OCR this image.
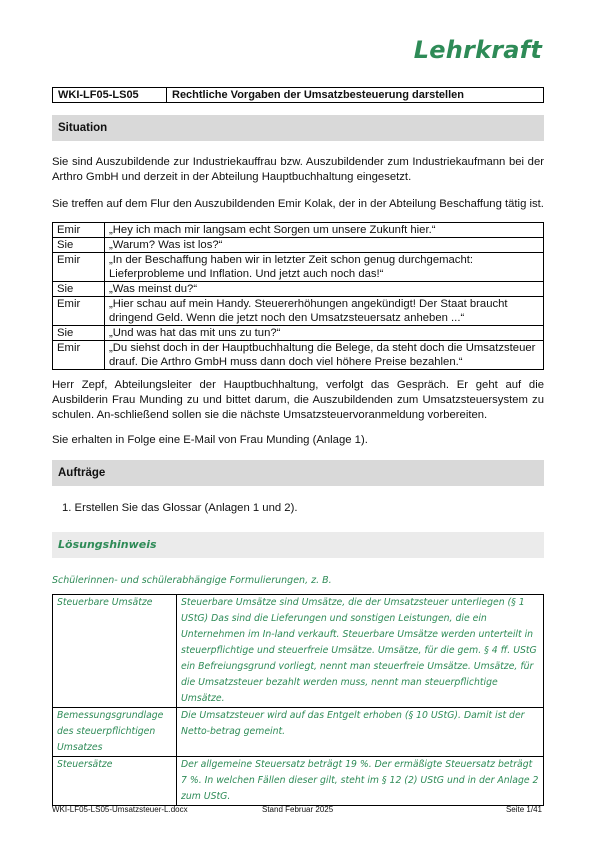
Lehrkraft
WKI-LF05-LS05	Rechtliche Vorgaben der Umsatzbesteuerung darstellen
Situation
Sie sind Auszubildende zur Industriekauffrau bzw. Auszubildender zum Industriekaufmann bei der Arthro GmbH und derzeit in der Abteilung Hauptbuchhaltung eingesetzt.
Sie treffen auf dem Flur den Auszubildenden Emir Kolak, der in der Abteilung Beschaffung tätig ist.
Emir	„Hey ich mach mir langsam echt Sorgen um unsere Zukunft hier.“
Sie	„Warum? Was ist los?“
Emir	„In der Beschaffung haben wir in letzter Zeit schon genug durchgemacht: Lieferprobleme und Inflation. Und jetzt auch noch das!“
Sie	„Was meinst du?“
Emir	„Hier schau auf mein Handy. Steuererhöhungen angekündigt! Der Staat braucht dringend Geld. Wenn die jetzt noch den Umsatzsteuersatz anheben ...“
Sie	„Und was hat das mit uns zu tun?“
Emir	„Du siehst doch in der Hauptbuchhaltung die Belege, da steht doch die Umsatzsteuer drauf. Die Arthro GmbH muss dann doch viel höhere Preise bezahlen.“
Herr Zepf, Abteilungsleiter der Hauptbuchhaltung, verfolgt das Gespräch. Er geht auf die Ausbilderin Frau Munding zu und bittet darum, die Auszubildenden zum Umsatzsteuersystem zu schulen. An-schließend sollen sie die nächste Umsatzsteuervoranmeldung vorbereiten.
Sie erhalten in Folge eine E-Mail von Frau Munding (Anlage 1).
Aufträge
1. Erstellen Sie das Glossar (Anlagen 1 und 2).
Lösungshinweis
Schülerinnen- und schülerabhängige Formulierungen, z. B.
Steuerbare Umsätze	Steuerbare Umsätze sind Umsätze, die der Umsatzsteuer unterliegen (§ 1 UStG) Das sind die Lieferungen und sonstigen Leistungen, die ein Unternehmen im In-land verkauft. Steuerbare Umsätze werden unterteilt in steuerpflichtige und steuerfreie Umsätze. Umsätze, für die gem. § 4 ff. UStG ein Befreiungsgrund vorliegt, nennt man steuerfreie Umsätze. Umsätze, für die Umsatzsteuer bezahlt werden muss, nennt man steuerpflichtige Umsätze.
Bemessungsgrundlage des steuerpflichtigen Umsatzes	Die Umsatzsteuer wird auf das Entgelt erhoben (§ 10 UStG). Damit ist der Netto-betrag gemeint.
Steuersätze	Der allgemeine Steuersatz beträgt 19 %. Der ermäßigte Steuersatz beträgt 7 %. In welchen Fällen dieser gilt, steht im § 12 (2) UStG und in der Anlage 2 zum UStG.
WKI-LF05-LS05-Umsatzsteuer-L.docx	Stand Februar 2025	Seite 1/41
